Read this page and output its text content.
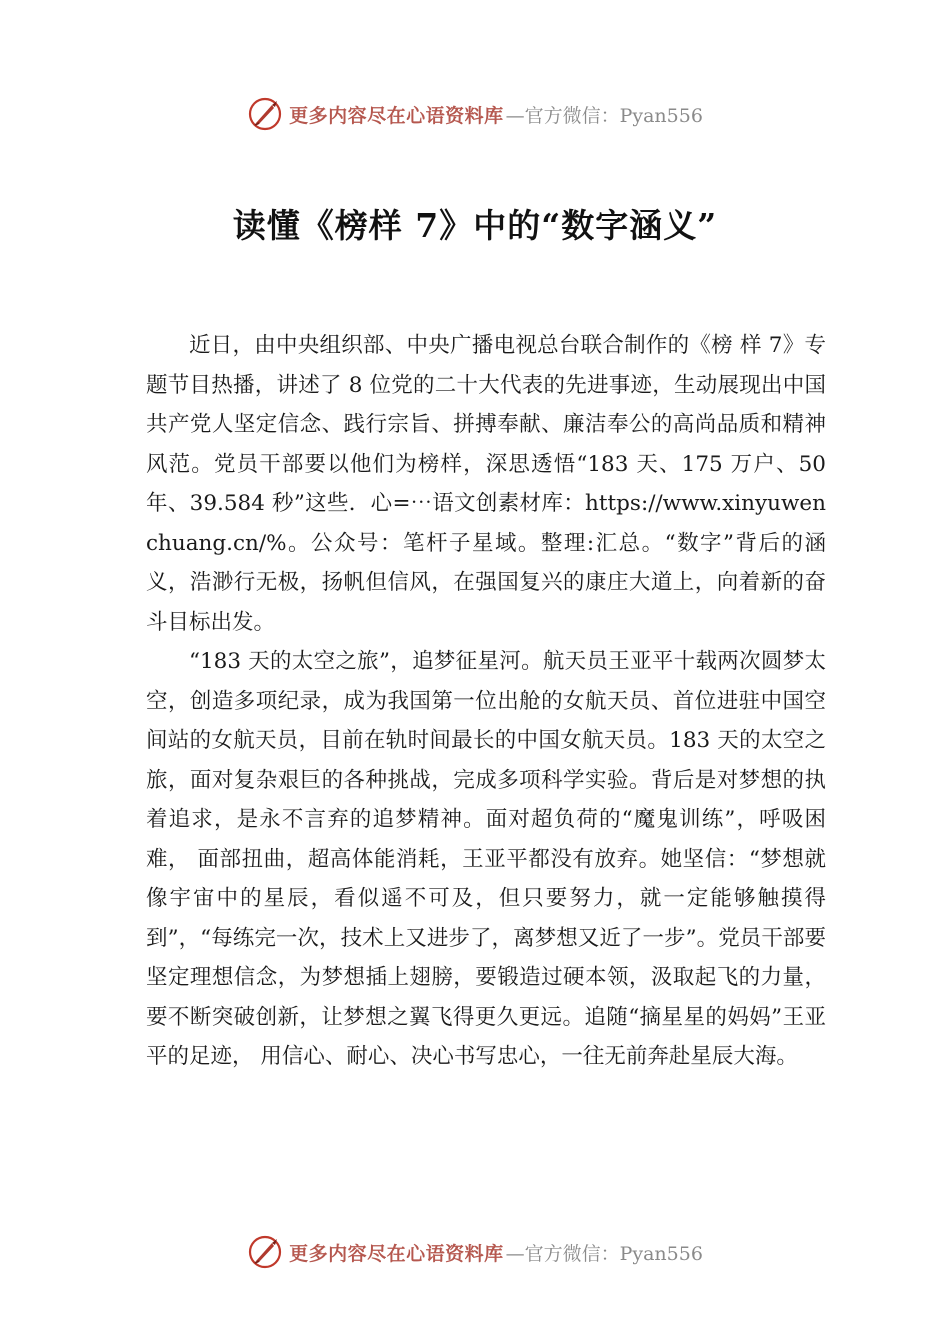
更多内容尽在心语资料库 —官方微信：Pyan556
读懂《榜样 7》中的“数字涵义”

近日，由中央组织部、中央广播电视总台联合制作的《榜 样 7》专题节目热播，讲述了 8 位党的二十大代表的先进事迹，生动展现出中国共产党人坚定信念、践行宗旨、拼搏奉献、廉洁奉公的高尚品质和精神风范。党员干部要以他们为榜样，深思透悟“183 天、175 万户、50 年、39.584 秒”这些．心=⋯语文创素材库：https://www.xinyuwenchuang.cn/%。公众号：笔杆子星域。整理:汇总。“数字”背后的涵义，浩渺行无极，扬帆但信风，在强国复兴的康庄大道上，向着新的奋斗目标出发。

“183 天的太空之旅”，追梦征星河。航天员王亚平十载两次圆梦太空，创造多项纪录，成为我国第一位出舱的女航天员、首位进驻中国空间站的女航天员，目前在轨时间最长的中国女航天员。183 天的太空之旅，面对复杂艰巨的各种挑战，完成多项科学实验。背后是对梦想的执着追求，是永不言弃的追梦精神。面对超负荷的“魔鬼训练”，呼吸困难， 面部扭曲，超高体能消耗，王亚平都没有放弃。她坚信：“梦想就像宇宙中的星辰，看似遥不可及，但只要努力，就一定能够触摸得到”，“每练完一次，技术上又进步了，离梦想又近了一步”。党员干部要坚定理想信念，为梦想插上翅膀，要锻造过硬本领，汲取起飞的力量，要不断突破创新，让梦想之翼飞得更久更远。追随“摘星星的妈妈”王亚平的足迹， 用信心、耐心、决心书写忠心，一往无前奔赴星辰大海。

更多内容尽在心语资料库 —官方微信：Pyan556
